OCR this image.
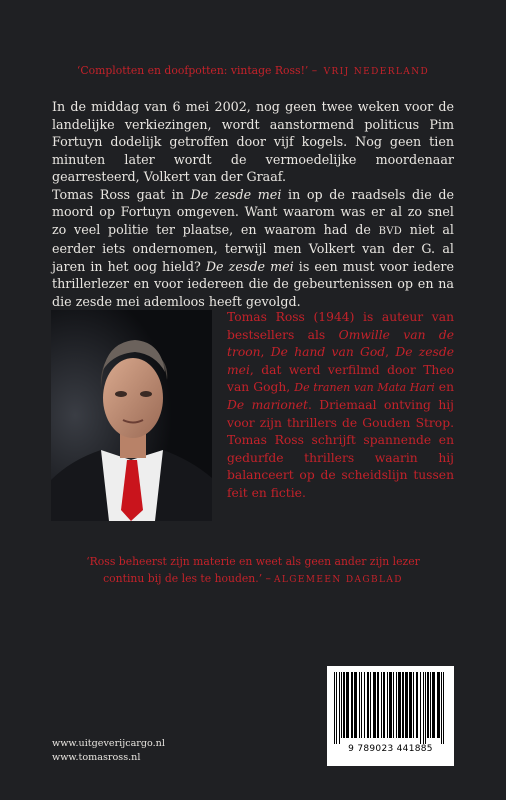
‘Complotten en doofpotten: vintage Ross!’ – VRIJ NEDERLAND

In de middag van 6 mei 2002, nog geen twee weken voor de landelijke verkiezingen, wordt aanstormend politicus Pim Fortuyn dodelijk getroffen door vijf kogels. Nog geen tien minuten later wordt de vermoedelijke moordenaar gearresteerd, Volkert van der Graaf.

Tomas Ross gaat in De zesde mei in op de raadsels die de moord op Fortuyn omgeven. Want waarom was er al zo snel zo veel politie ter plaatse, en waarom had de BVD niet al eerder iets ondernomen, terwijl men Volkert van der G. al jaren in het oog hield? De zesde mei is een must voor iedere thrillerlezer en voor iedereen die de gebeurtenissen op en na die zesde mei ademloos heeft gevolgd.

Tomas Ross (1944) is auteur van bestsellers als Omwille van de troon, De hand van God, De zesde mei, dat werd verfilmd door Theo van Gogh, De tranen van Mata Hari en De marionet. Driemaal ontving hij voor zijn thrillers de Gouden Strop. Tomas Ross schrijft spannende en gedurfde thrillers waarin hij balanceert op de scheidslijn tussen feit en fictie.

‘Ross beheerst zijn materie en weet als geen ander zijn lezer
continu bij de les te houden.’ – ALGEMEEN DAGBLAD
9 789023 441885
www.uitgeverijcargo.nl
www.tomasross.nl
